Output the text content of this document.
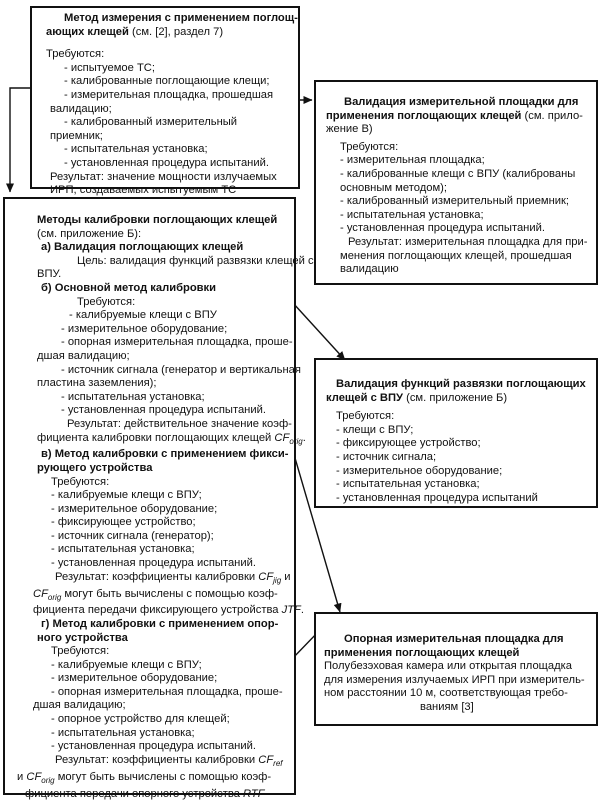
Метод измерения с применением поглощ-
ающих клещей (см. [2], раздел 7)
Требуются:
- испытуемое ТС;
- калиброванные поглощающие клещи;
- измерительная площадка, прошедшая
валидацию;
- калиброванный измерительный
приемник;
- испытательная установка;
- установленная процедура испытаний.
Результат: значение мощности излучаемых
ИРП, создаваемых испытуемым ТС
Валидация измерительной площадки для
применения поглощающих клещей (см. прило-
жение В)
Требуются:
- измерительная площадка;
- калиброванные клещи с ВПУ (калиброваны
основным методом);
- калиброванный измерительный приемник;
- испытательная установка;
- установленная процедура испытаний.
Результат: измерительная площадка для при-
менения поглощающих клещей, прошедшая
валидацию
Методы калибровки поглощающих клещей
(см. приложение Б):
а) Валидация поглощающих клещей
Цель: валидация функций развязки клещей с
ВПУ.
б) Основной метод калибровки
Требуются:
- калибруемые клещи с ВПУ
- измерительное оборудование;
- опорная измерительная площадка, проше-
дшая валидацию;
- источник сигнала (генератор и вертикальная
пластина заземления);
- испытательная установка;
- установленная процедура испытаний.
Результат: действительное значение коэф-
фициента калибровки поглощающих клещей $CF_{orig}$.
в) Метод калибровки с применением фикси-
рующего устройства
Требуются:
- калибруемые клещи с ВПУ;
- измерительное оборудование;
- фиксирующее устройство;
- источник сигнала (генератор);
- испытательная установка;
- установленная процедура испытаний.
Результат: коэффициенты калибровки $CF_{jig}$ и
$CF_{orig}$ могут быть вычислены с помощью коэф-
фициента передачи фиксирующего устройства JTF.
г) Метод калибровки с применением опор-
ного устройства
Требуются:
- калибруемые клещи с ВПУ;
- измерительное оборудование;
- опорная измерительная площадка, проше-
дшая валидацию;
- опорное устройство для клещей;
- испытательная установка;
- установленная процедура испытаний.
Результат: коэффициенты калибровки $CF_{ref}$
и $CF_{orig}$ могут быть вычислены с помощью коэф-
фициента передачи опорного устройства RTF
Валидация функций развязки поглощающих
клещей с ВПУ (см. приложение Б)
Требуются:
- клещи с ВПУ;
- фиксирующее устройство;
- источник сигнала;
- измерительное оборудование;
- испытательная установка;
- установленная процедура испытаний
Опорная измерительная площадка для
применения поглощающих клещей
Полубезэховая камера или открытая площадка
для измерения излучаемых ИРП при измеритель-
ном расстоянии 10 м, соответствующая требо-
ваниям [3]
